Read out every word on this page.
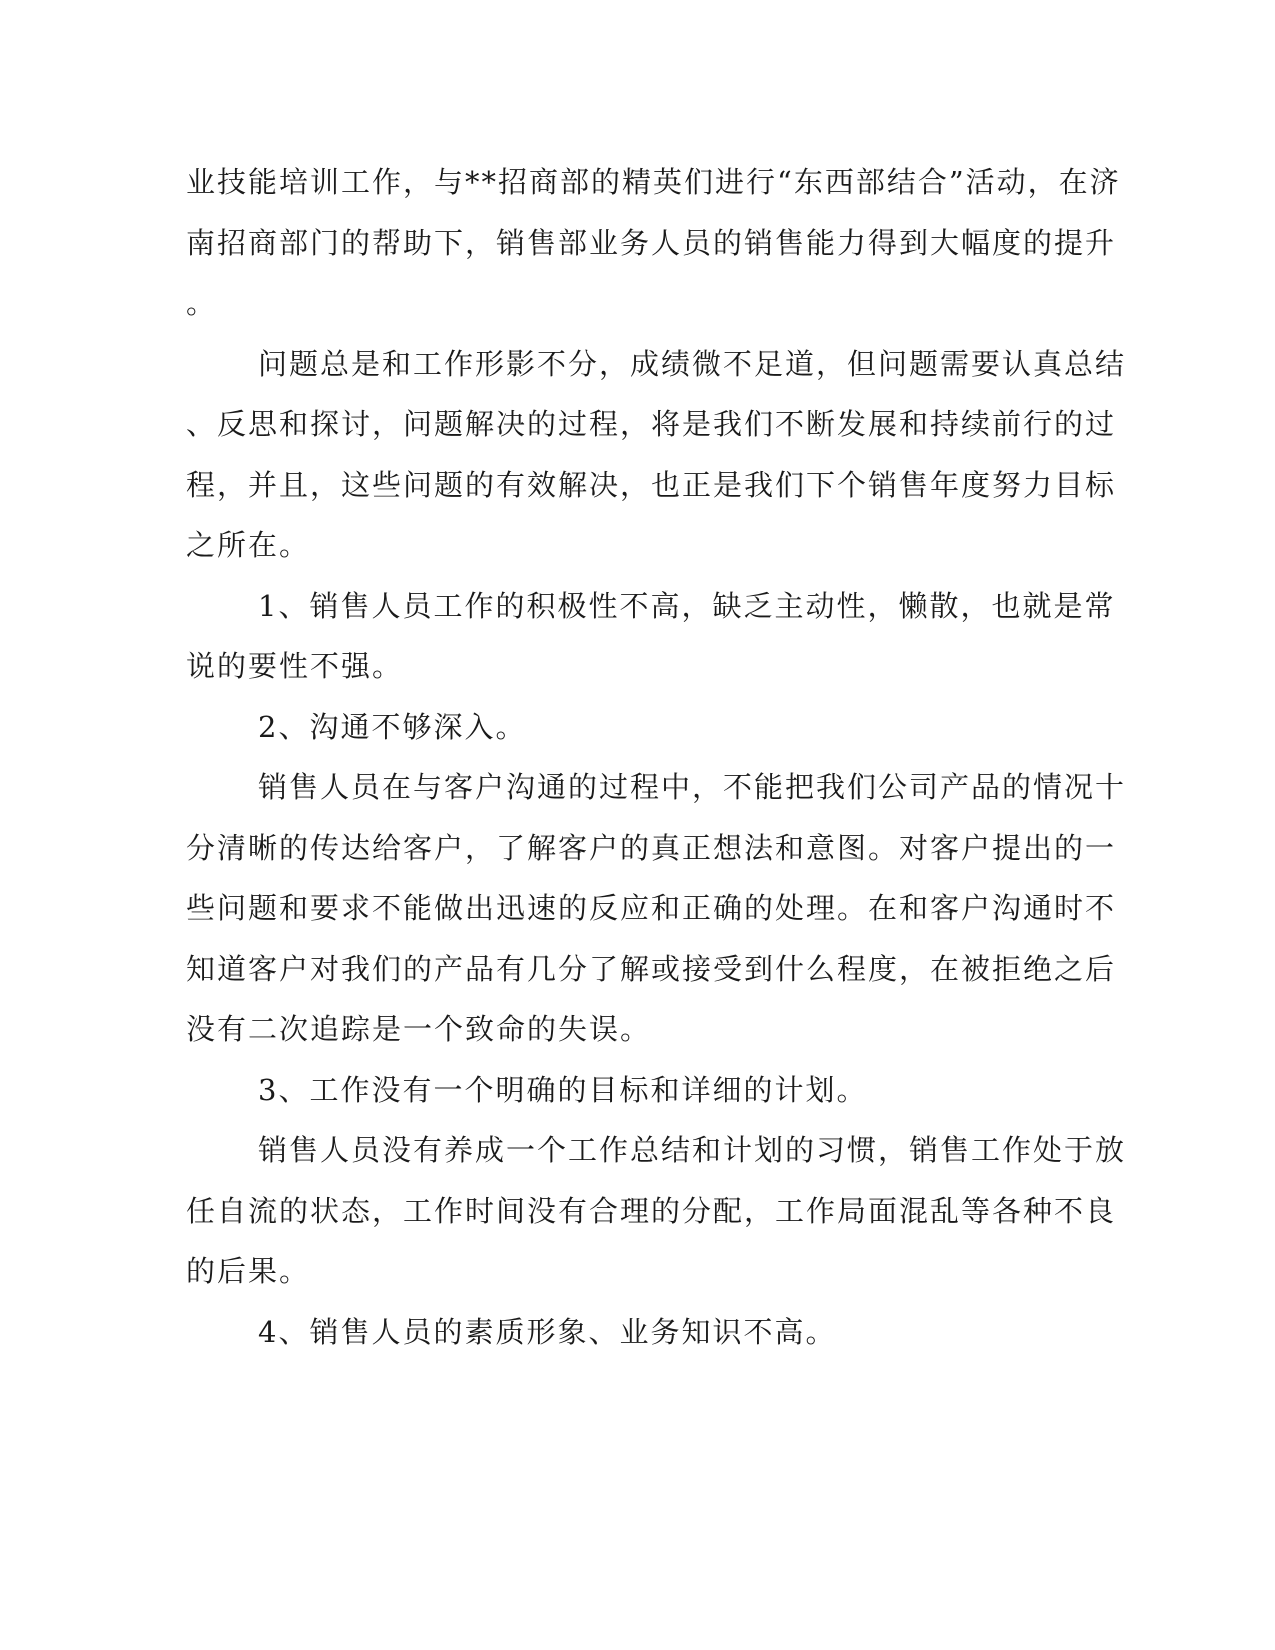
业技能培训工作，与**招商部的精英们进行“东西部结合”活动，在济
南招商部门的帮助下，销售部业务人员的销售能力得到大幅度的提升
。
问题总是和工作形影不分，成绩微不足道，但问题需要认真总结
、反思和探讨，问题解决的过程，将是我们不断发展和持续前行的过
程，并且，这些问题的有效解决，也正是我们下个销售年度努力目标
之所在。
1、销售人员工作的积极性不高，缺乏主动性，懒散，也就是常
说的要性不强。
2、沟通不够深入。
销售人员在与客户沟通的过程中，不能把我们公司产品的情况十
分清晰的传达给客户，了解客户的真正想法和意图。对客户提出的一
些问题和要求不能做出迅速的反应和正确的处理。在和客户沟通时不
知道客户对我们的产品有几分了解或接受到什么程度，在被拒绝之后
没有二次追踪是一个致命的失误。
3、工作没有一个明确的目标和详细的计划。
销售人员没有养成一个工作总结和计划的习惯，销售工作处于放
任自流的状态，工作时间没有合理的分配，工作局面混乱等各种不良
的后果。
4、销售人员的素质形象、业务知识不高。
